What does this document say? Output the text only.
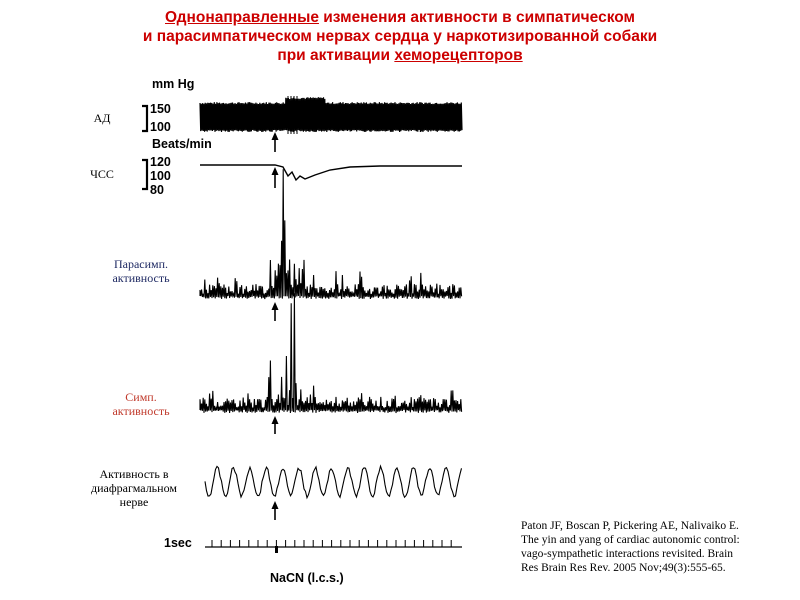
Однонаправленные изменения активности в симпатическом
и парасимпатическом нервах сердца у наркотизированной собаки
при активации хеморецепторов
АД
ЧСС
Парасимп.
активность
Симп.
активность
Активность в
диафрагмальном
нерве
mm Hg
150
100
Beats/min
120
100
80
1sec
NaCN (l.c.s.)
Paton JF, Boscan P, Pickering AE, Nalivaiko E.
The yin and yang of cardiac autonomic control:
vago-sympathetic interactions revisited. Brain
Res Brain Res Rev. 2005 Nov;49(3):555-65.
